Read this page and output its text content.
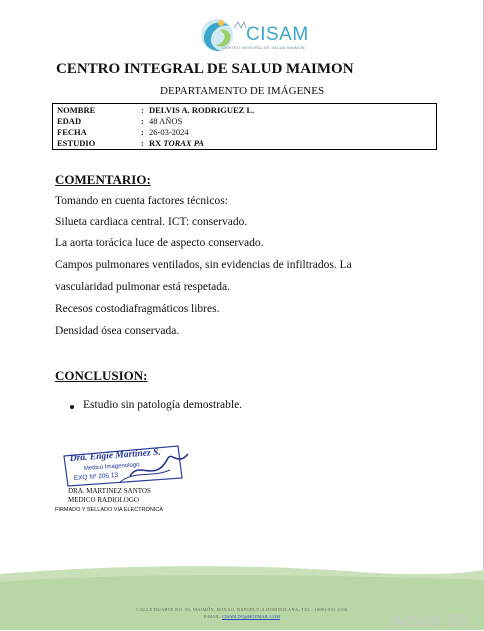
CISAM
CENTRO INTEGRAL DE SALUD MAIMON
CENTRO INTEGRAL DE SALUD MAIMON
DEPARTAMENTO DE IMÁGENES
NOMBRE	: DELVIS A. RODRIGUEZ L.
EDAD	: 48 AÑOS
FECHA	: 26-03-2024
ESTUDIO	: RX TORAX PA
COMENTARIO:
Tomando en cuenta factores técnicos:
Silueta cardiaca central. ICT: conservado.
La aorta torácica luce de aspecto conservado.
Campos pulmonares ventilados, sin evidencias de infiltrados. La
vascularidad pulmonar está respetada.
Recesos costodiafragmáticos libres.
Densidad ósea conservada.
CONCLUSION:
Estudio sin patología demostrable.
Dra. Engie Martinez S.
Medico Imagenologo
EXQ Nº 206 13
DRA. MARTINEZ SANTOS
MEDICO RADIOLOGO
FIRMADO Y SELLADO VIA ELECTRONICA
CALLE DUARTE NO. 33, MAIMÓN, BONAO, REPUBLICA DOMINICANA, TEL.: (809)-551-2100
E-MAIL: CISAM.DO@HOTMAIL.COM	Activar Wi
